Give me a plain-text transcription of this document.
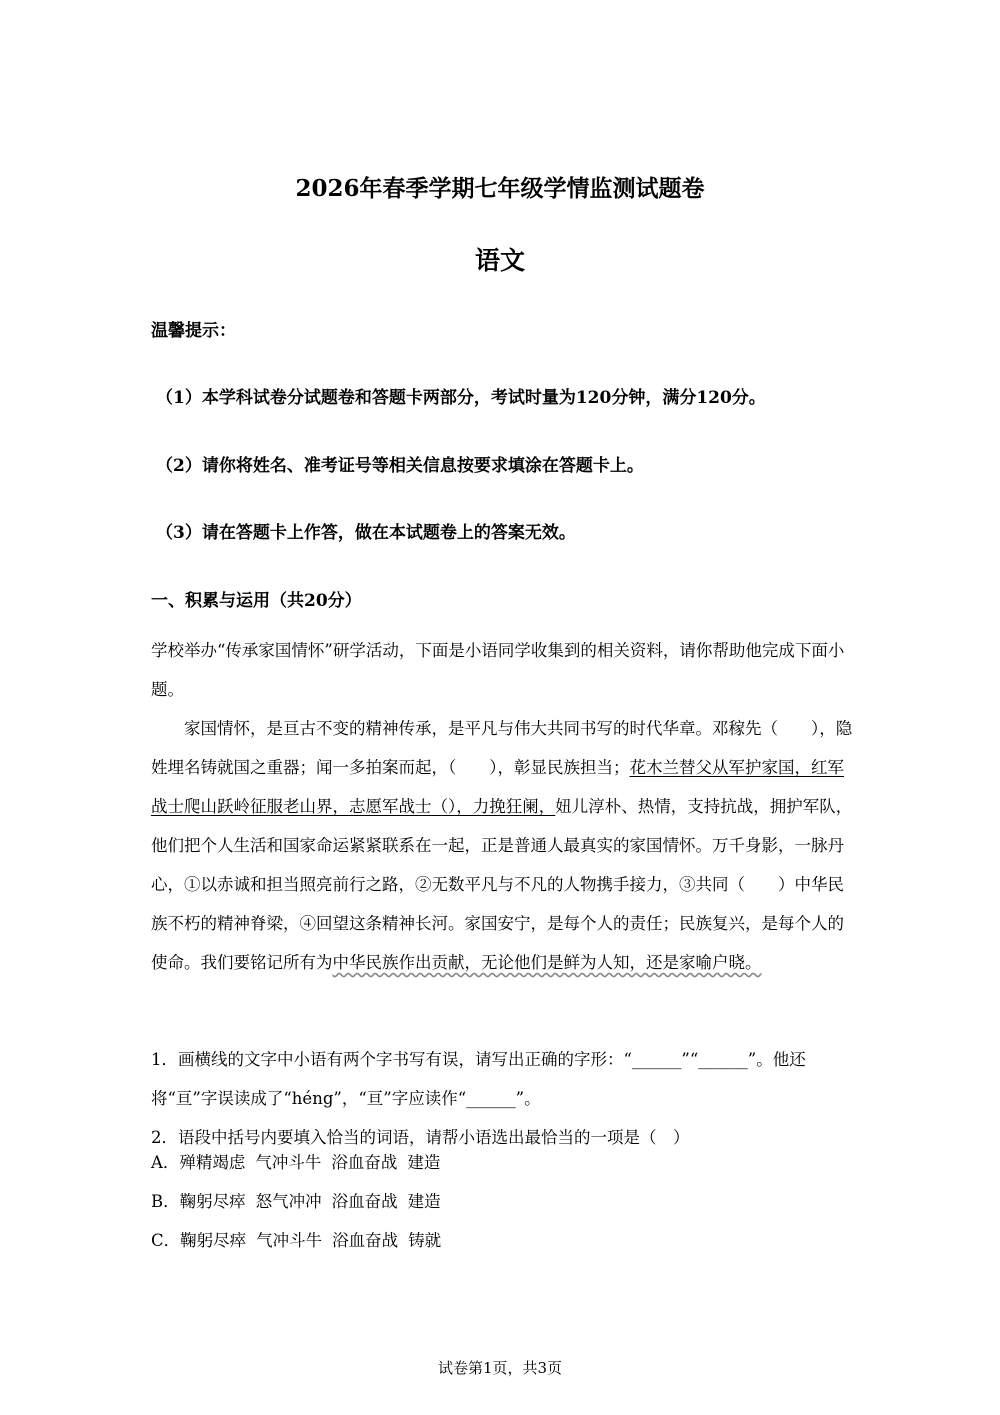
2026年春季学期七年级学情监测试题卷
语文
温馨提示：
（1）本学科试卷分试题卷和答题卡两部分，考试时量为120分钟，满分120分。
（2）请你将姓名、准考证号等相关信息按要求填涂在答题卡上。
（3）请在答题卡上作答，做在本试题卷上的答案无效。
一、积累与运用（共20分）

学校举办“传承家国情怀”研学活动，下面是小语同学收集到的相关资料，请你帮助他完成下面小题。

家国情怀，是亘古不变的精神传承，是平凡与伟大共同书写的时代华章。邓稼先（　　），隐姓埋名铸就国之重器；闻一多拍案而起，（　　），彰显民族担当；花木兰替父从军护家国，红军战士爬山跃岭征服老山界，志愿军战士（），力挽狂阑，妞儿淳朴、热情，支持抗战，拥护军队，他们把个人生活和国家命运紧紧联系在一起，正是普通人最真实的家国情怀。万千身影，一脉丹心，①以赤诚和担当照亮前行之路，②无数平凡与不凡的人物携手接力，③共同（　　）中华民族不朽的精神脊梁，④回望这条精神长河。家国安宁，是每个人的责任；民族复兴，是每个人的使命。我们要铭记所有为中华民族作出贡献，无论他们是鲜为人知，还是家喻户晓。

1．画横线的文字中小语有两个字书写有误，请写出正确的字形：“______”“______”。他还将“亘”字误读成了“héng”，“亘”字应读作“______”。

2．语段中括号内要填入恰当的词语，请帮小语选出最恰当的一项是（　）

A．殚精竭虑 气冲斗牛 浴血奋战 建造
B．鞠躬尽瘁 怒气冲冲 浴血奋战 建造
C．鞠躬尽瘁 气冲斗牛 浴血奋战 铸就
试卷第1页，共3页
